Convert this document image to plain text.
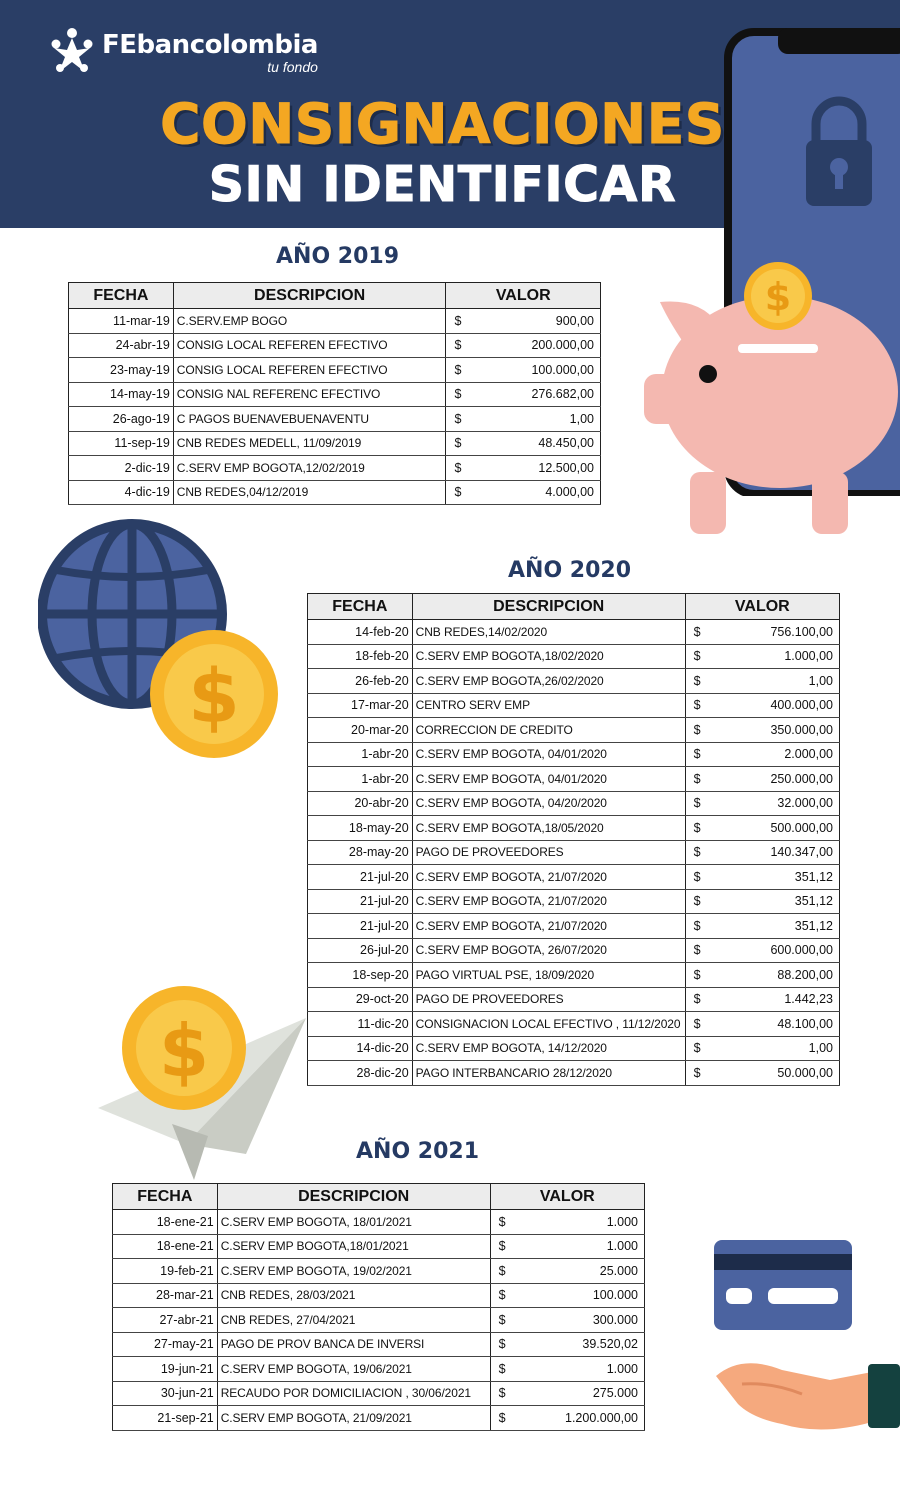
FEbancolombia
tu fondo
CONSIGNACIONES
SIN IDENTIFICAR
$
$
$
AÑO 2019
AÑO 2020
AÑO 2021
FECHA	DESCRIPCION	VALOR
11-mar-19	C.SERV.EMP BOGO	$ 900,00
24-abr-19	CONSIG LOCAL REFEREN EFECTIVO	$ 200.000,00
23-may-19	CONSIG LOCAL REFEREN EFECTIVO	$ 100.000,00
14-may-19	CONSIG NAL REFERENC EFECTIVO	$ 276.682,00
26-ago-19	C PAGOS BUENAVEBUENAVENTU	$ 1,00
11-sep-19	CNB REDES MEDELL, 11/09/2019	$ 48.450,00
2-dic-19	C.SERV EMP BOGOTA,12/02/2019	$ 12.500,00
4-dic-19	CNB REDES,04/12/2019	$ 4.000,00
FECHA	DESCRIPCION	VALOR
14-feb-20	CNB REDES,14/02/2020	$ 756.100,00
18-feb-20	C.SERV EMP BOGOTA,18/02/2020	$ 1.000,00
26-feb-20	C.SERV EMP BOGOTA,26/02/2020	$ 1,00
17-mar-20	CENTRO SERV EMP	$ 400.000,00
20-mar-20	CORRECCION DE CREDITO	$ 350.000,00
1-abr-20	C.SERV EMP BOGOTA, 04/01/2020	$ 2.000,00
1-abr-20	C.SERV EMP BOGOTA, 04/01/2020	$ 250.000,00
20-abr-20	C.SERV EMP BOGOTA, 04/20/2020	$ 32.000,00
18-may-20	C.SERV EMP BOGOTA,18/05/2020	$ 500.000,00
28-may-20	PAGO DE PROVEEDORES	$ 140.347,00
21-jul-20	C.SERV EMP BOGOTA, 21/07/2020	$ 351,12
21-jul-20	C.SERV EMP BOGOTA, 21/07/2020	$ 351,12
21-jul-20	C.SERV EMP BOGOTA, 21/07/2020	$ 351,12
26-jul-20	C.SERV EMP BOGOTA, 26/07/2020	$ 600.000,00
18-sep-20	PAGO VIRTUAL PSE, 18/09/2020	$ 88.200,00
29-oct-20	PAGO DE PROVEEDORES	$ 1.442,23
11-dic-20	CONSIGNACION LOCAL EFECTIVO , 11/12/2020	$ 48.100,00
14-dic-20	C.SERV EMP BOGOTA, 14/12/2020	$ 1,00
28-dic-20	PAGO INTERBANCARIO 28/12/2020	$ 50.000,00
FECHA	DESCRIPCION	VALOR
18-ene-21	C.SERV EMP BOGOTA, 18/01/2021	$ 1.000
18-ene-21	C.SERV EMP BOGOTA,18/01/2021	$ 1.000
19-feb-21	C.SERV EMP BOGOTA, 19/02/2021	$ 25.000
28-mar-21	CNB REDES, 28/03/2021	$ 100.000
27-abr-21	CNB REDES, 27/04/2021	$ 300.000
27-may-21	PAGO DE PROV BANCA DE INVERSI	$ 39.520,02
19-jun-21	C.SERV EMP BOGOTA, 19/06/2021	$ 1.000
30-jun-21	RECAUDO POR DOMICILIACION , 30/06/2021	$ 275.000
21-sep-21	C.SERV EMP BOGOTA, 21/09/2021	$ 1.200.000,00
